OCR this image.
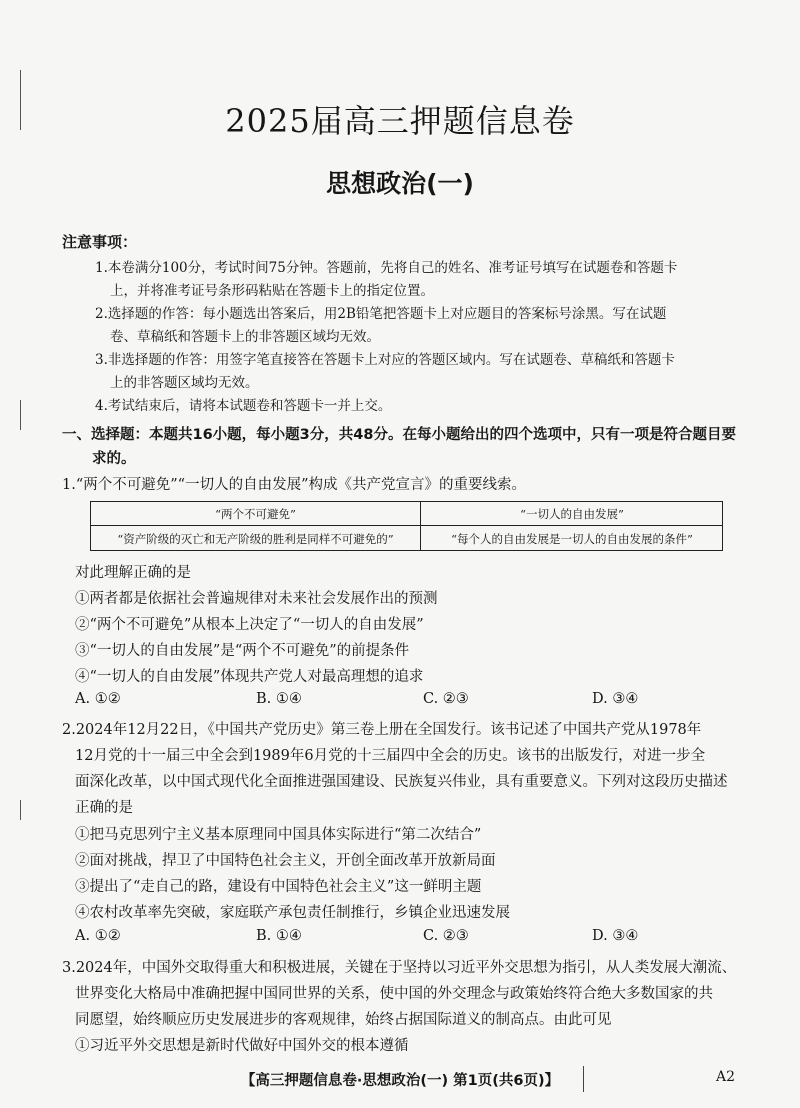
2025届高三押题信息卷
思想政治(一)
注意事项：
1.本卷满分100分，考试时间75分钟。答题前，先将自己的姓名、准考证号填写在试题卷和答题卡
上，并将准考证号条形码粘贴在答题卡上的指定位置。
2.选择题的作答：每小题选出答案后，用2B铅笔把答题卡上对应题目的答案标号涂黑。写在试题
卷、草稿纸和答题卡上的非答题区域均无效。
3.非选择题的作答：用签字笔直接答在答题卡上对应的答题区域内。写在试题卷、草稿纸和答题卡
上的非答题区域均无效。
4.考试结束后，请将本试题卷和答题卡一并上交。
一、选择题：本题共16小题，每小题3分，共48分。在每小题给出的四个选项中，只有一项是符合题目要
求的。
1.“两个不可避免”“一切人的自由发展”构成《共产党宣言》的重要线索。
“两个不可避免”	“一切人的自由发展”
“资产阶级的灭亡和无产阶级的胜利是同样不可避免的”	“每个人的自由发展是一切人的自由发展的条件”
对此理解正确的是
①两者都是依据社会普遍规律对未来社会发展作出的预测
②“两个不可避免”从根本上决定了“一切人的自由发展”
③“一切人的自由发展”是“两个不可避免”的前提条件
④“一切人的自由发展”体现共产党人对最高理想的追求
A. ①②	B. ①④	C. ②③	D. ③④
2.2024年12月22日，《中国共产党历史》第三卷上册在全国发行。该书记述了中国共产党从1978年
12月党的十一届三中全会到1989年6月党的十三届四中全会的历史。该书的出版发行，对进一步全
面深化改革，以中国式现代化全面推进强国建设、民族复兴伟业，具有重要意义。下列对这段历史描述
正确的是
①把马克思列宁主义基本原理同中国具体实际进行“第二次结合”
②面对挑战，捍卫了中国特色社会主义，开创全面改革开放新局面
③提出了“走自己的路，建设有中国特色社会主义”这一鲜明主题
④农村改革率先突破，家庭联产承包责任制推行，乡镇企业迅速发展
A. ①②	B. ①④	C. ②③	D. ③④
3.2024年，中国外交取得重大和积极进展，关键在于坚持以习近平外交思想为指引，从人类发展大潮流、
世界变化大格局中准确把握中国同世界的关系，使中国的外交理念与政策始终符合绝大多数国家的共
同愿望，始终顺应历史发展进步的客观规律，始终占据国际道义的制高点。由此可见
①习近平外交思想是新时代做好中国外交的根本遵循
【高三押题信息卷·思想政治(一) 第1页(共6页)】	A2
